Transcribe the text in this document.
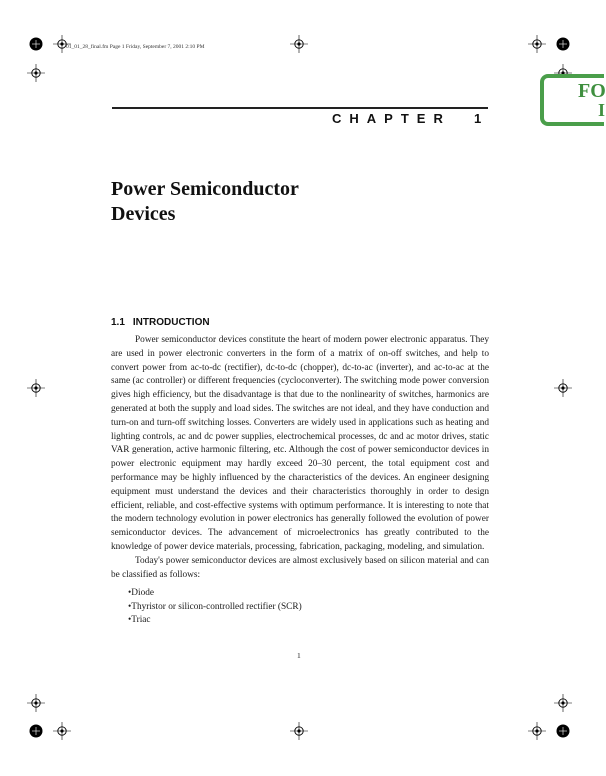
01_01_28_final.fm Page 1 Friday, September 7, 2001 2:10 PM
FO
I
CHAPTER 1
Power Semiconductor
Devices
1.1 INTRODUCTION

Power semiconductor devices constitute the heart of modern power electronic apparatus. They are used in power electronic converters in the form of a matrix of on-off switches, and help to convert power from ac-to-dc (rectifier), dc-to-dc (chopper), dc-to-ac (inverter), and ac-to-ac at the same (ac controller) or different frequencies (cycloconverter). The switching mode power conversion gives high efficiency, but the disadvantage is that due to the nonlinearity of switches, harmonics are generated at both the supply and load sides. The switches are not ideal, and they have conduction and turn-on and turn-off switching losses. Converters are widely used in applications such as heating and lighting controls, ac and dc power supplies, electrochemical processes, dc and ac motor drives, static VAR generation, active harmonic filtering, etc. Although the cost of power semiconductor devices in power electronic equipment may hardly exceed 20–30 percent, the total equipment cost and performance may be highly influenced by the characteristics of the devices. An engineer designing equipment must understand the devices and their characteristics thoroughly in order to design efficient, reliable, and cost-effective systems with optimum performance. It is interesting to note that the modern technology evolution in power electronics has generally followed the evolution of power semiconductor devices. The advancement of microelectronics has greatly contributed to the knowledge of power device materials, processing, fabrication, packaging, modeling, and simulation.

Today's power semiconductor devices are almost exclusively based on silicon material and can be classified as follows:

• Diode
• Thyristor or silicon-controlled rectifier (SCR)
• Triac
1
